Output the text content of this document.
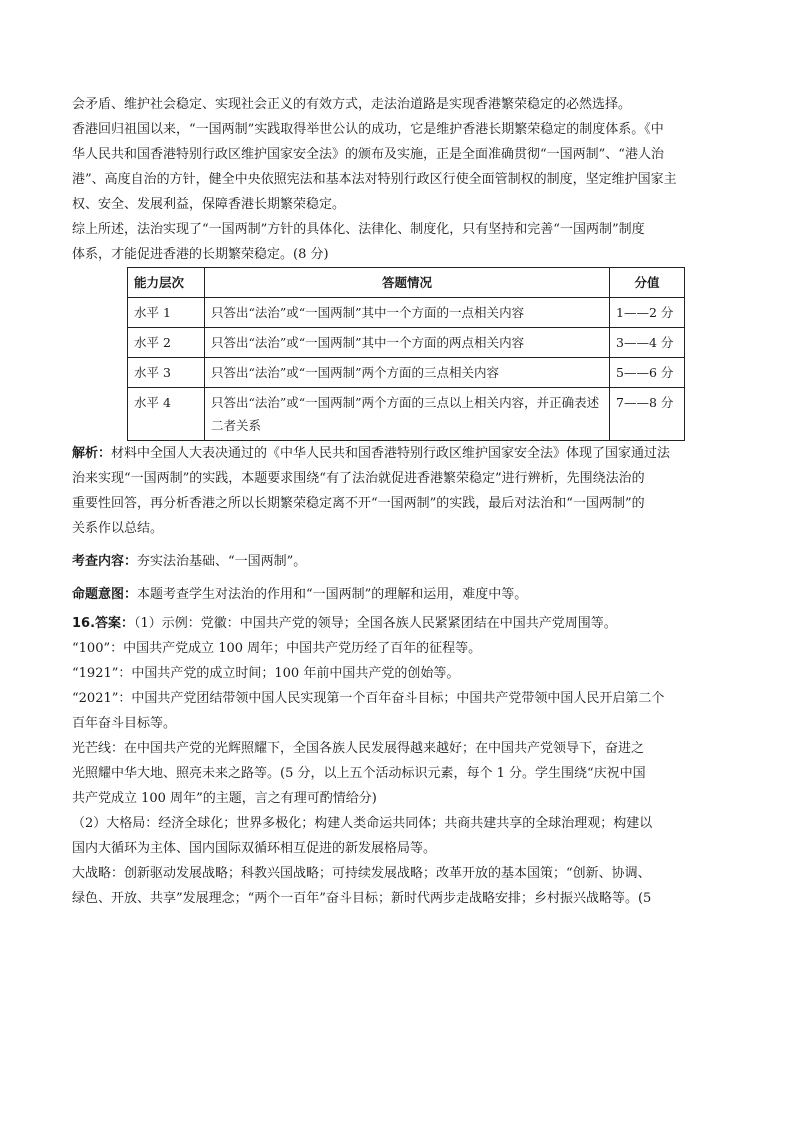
会矛盾、维护社会稳定、实现社会正义的有效方式，走法治道路是实现香港繁荣稳定的必然选择。

香港回归祖国以来，“一国两制”实践取得举世公认的成功，它是维护香港长期繁荣稳定的制度体系。《中

华人民共和国香港特别行政区维护国家安全法》的颁布及实施，正是全面准确贯彻“一国两制”、“港人治

港”、高度自治的方针，健全中央依照宪法和基本法对特别行政区行使全面管制权的制度，坚定维护国家主

权、安全、发展利益，保障香港长期繁荣稳定。

综上所述，法治实现了“一国两制”方针的具体化、法律化、制度化，只有坚持和完善“一国两制”制度

体系，才能促进香港的长期繁荣稳定。(8 分)

能力层次	答题情况	分值
水平 1	只答出“法治”或“一国两制”其中一个方面的一点相关内容	1——2 分
水平 2	只答出“法治”或“一国两制”其中一个方面的两点相关内容	3——4 分
水平 3	只答出“法治”或“一国两制”两个方面的三点相关内容	5——6 分
水平 4	只答出“法治”或“一国两制”两个方面的三点以上相关内容，并正确表述二者关系	7——8 分

解析：材料中全国人大表决通过的《中华人民共和国香港特别行政区维护国家安全法》体现了国家通过法

治来实现“一国两制”的实践，本题要求围绕“有了法治就促进香港繁荣稳定”进行辨析，先围绕法治的

重要性回答，再分析香港之所以长期繁荣稳定离不开“一国两制”的实践，最后对法治和“一国两制”的

关系作以总结。

考查内容：夯实法治基础、“一国两制”。

命题意图：本题考查学生对法治的作用和“一国两制”的理解和运用，难度中等。

16.答案：（1）示例：党徽：中国共产党的领导；全国各族人民紧紧团结在中国共产党周围等。

“100”：中国共产党成立 100 周年；中国共产党历经了百年的征程等。

“1921”：中国共产党的成立时间；100 年前中国共产党的创始等。

“2021”：中国共产党团结带领中国人民实现第一个百年奋斗目标；中国共产党带领中国人民开启第二个

百年奋斗目标等。

光芒线：在中国共产党的光辉照耀下，全国各族人民发展得越来越好；在中国共产党领导下，奋进之

光照耀中华大地、照亮未来之路等。(5 分，以上五个活动标识元素，每个 1 分。学生围绕“庆祝中国

共产党成立 100 周年”的主题，言之有理可酌情给分)

（2）大格局：经济全球化；世界多极化；构建人类命运共同体；共商共建共享的全球治理观；构建以

国内大循环为主体、国内国际双循环相互促进的新发展格局等。

大战略：创新驱动发展战略；科教兴国战略；可持续发展战略；改革开放的基本国策；“创新、协调、

绿色、开放、共享”发展理念；“两个一百年”奋斗目标；新时代两步走战略安排；乡村振兴战略等。(5
